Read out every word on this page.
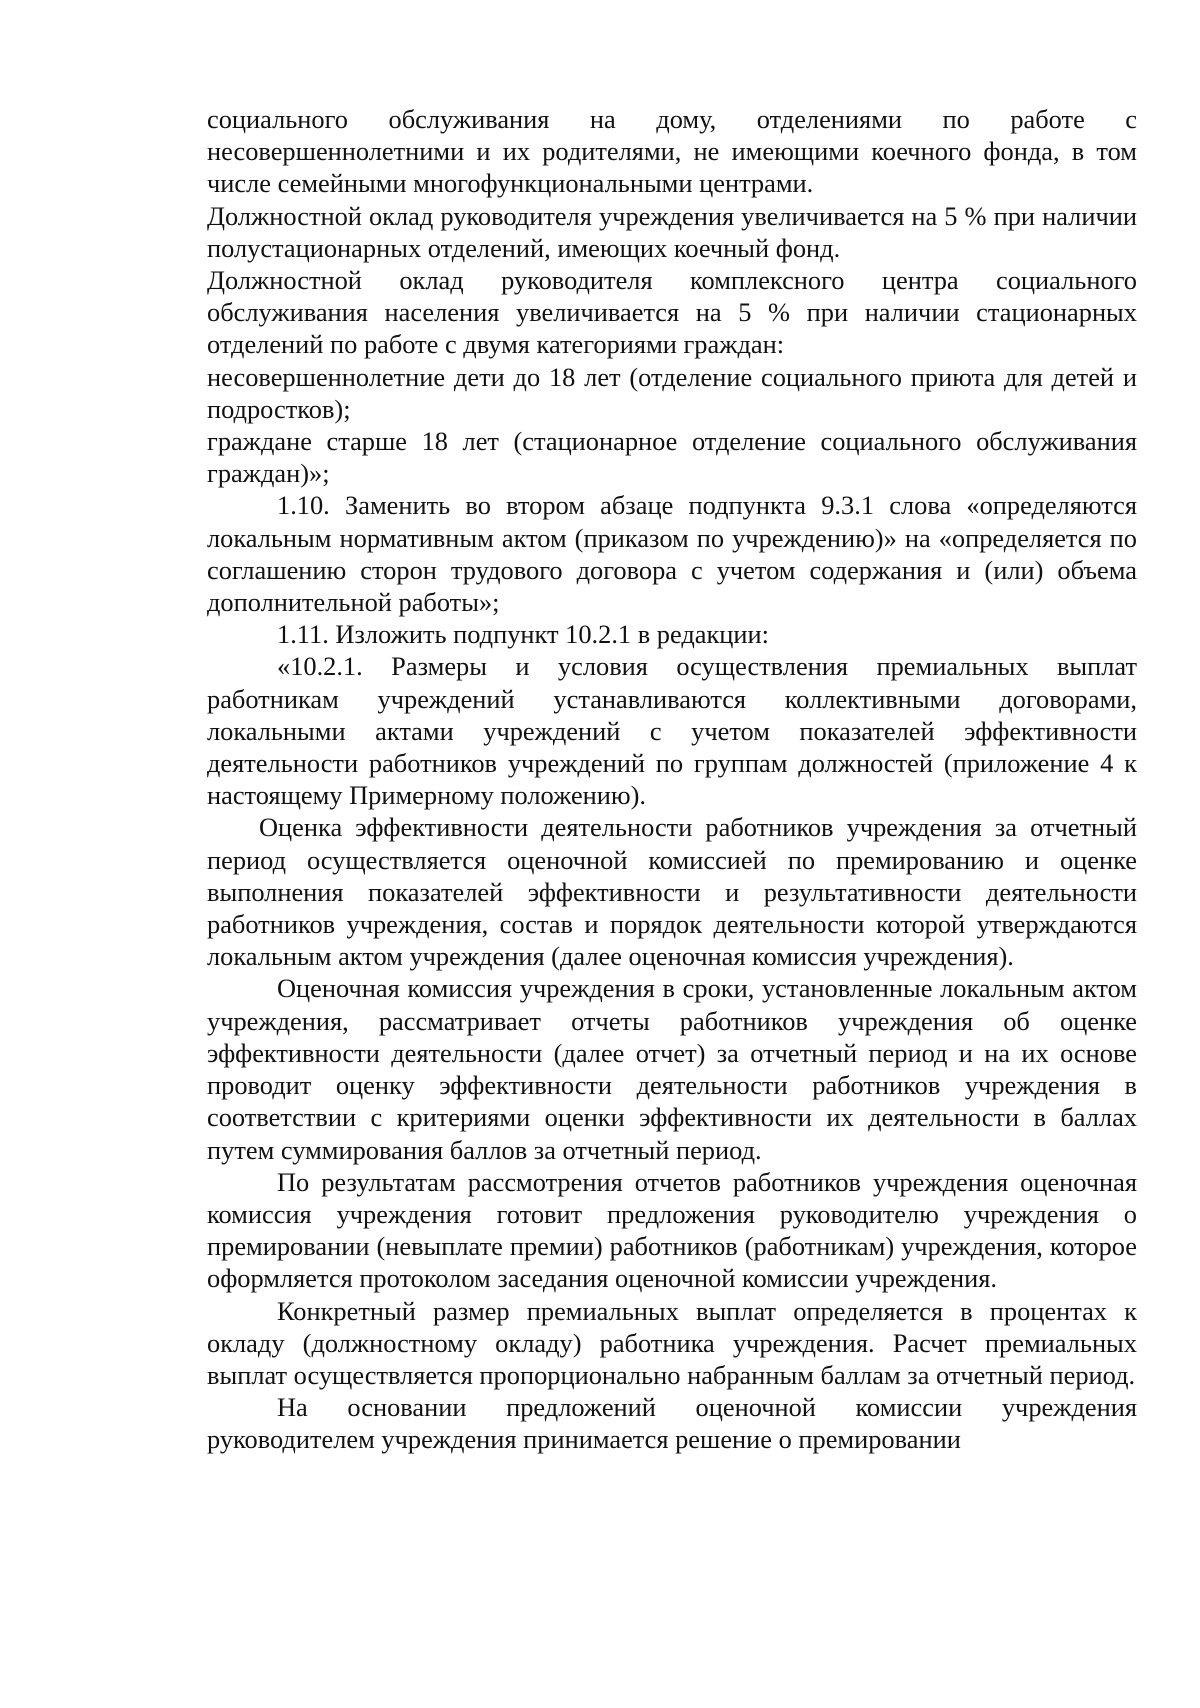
социального обслуживания на дому, отделениями по работе с несовершеннолетними и их родителями, не имеющими коечного фонда, в том числе семейными многофункциональными центрами.

Должностной оклад руководителя учреждения увеличивается на 5 % при наличии полустационарных отделений, имеющих коечный фонд.

Должностной оклад руководителя комплексного центра социального обслуживания населения увеличивается на 5 % при наличии стационарных отделений по работе с двумя категориями граждан:

несовершеннолетние дети до 18 лет (отделение социального приюта для детей и подростков);

граждане старше 18 лет (стационарное отделение социального обслуживания граждан)»;

1.10. Заменить во втором абзаце подпункта 9.3.1 слова «определяются локальным нормативным актом (приказом по учреждению)» на «определяется по соглашению сторон трудового договора с учетом содержания и (или) объема дополнительной работы»;

1.11. Изложить подпункт 10.2.1 в редакции:

«10.2.1. Размеры и условия осуществления премиальных выплат работникам учреждений устанавливаются коллективными договорами, локальными актами учреждений с учетом показателей эффективности деятельности работников учреждений по группам должностей (приложение 4 к настоящему Примерному положению).

Оценка эффективности деятельности работников учреждения за отчетный период осуществляется оценочной комиссией по премированию и оценке выполнения показателей эффективности и результативности деятельности работников учреждения, состав и порядок деятельности которой утверждаются локальным актом учреждения (далее оценочная комиссия учреждения).

Оценочная комиссия учреждения в сроки, установленные локальным актом учреждения, рассматривает отчеты работников учреждения об оценке эффективности деятельности (далее отчет) за отчетный период и на их основе проводит оценку эффективности деятельности работников учреждения в соответствии с критериями оценки эффективности их деятельности в баллах путем суммирования баллов за отчетный период.

По результатам рассмотрения отчетов работников учреждения оценочная комиссия учреждения готовит предложения руководителю учреждения о премировании (невыплате премии) работников (работникам) учреждения, которое оформляется протоколом заседания оценочной комиссии учреждения.

Конкретный размер премиальных выплат определяется в процентах к окладу (должностному окладу) работника учреждения. Расчет премиальных выплат осуществляется пропорционально набранным баллам за отчетный период.

На основании предложений оценочной комиссии учреждения руководителем учреждения принимается решение о премировании
